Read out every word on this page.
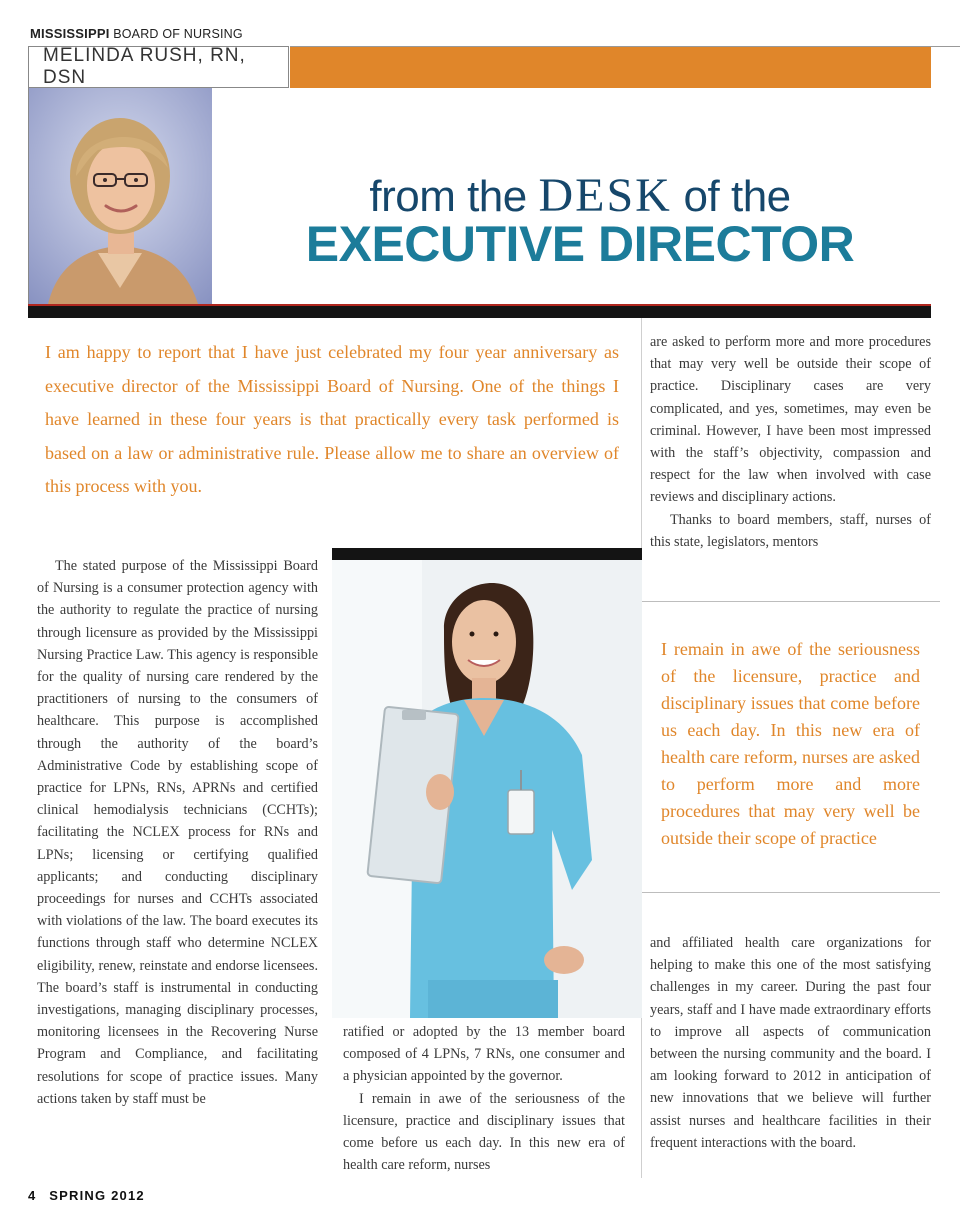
MISSISSIPPI BOARD OF NURSING
MELINDA RUSH, RN, DSN
from the DESK of the
EXECUTIVE DIRECTOR
I am happy to report that I have just celebrated my four year anniversary as executive director of the Mississippi Board of Nursing. One of the things I have learned in these four years is that practically every task performed is based on a law or administrative rule. Please allow me to share an overview of this process with you.
The stated purpose of the Mississippi Board of Nursing is a consumer protection agency with the authority to regulate the practice of nursing through licensure as provided by the Mississippi Nursing Practice Law. This agency is responsible for the quality of nursing care rendered by the practitioners of nursing to the consumers of healthcare. This purpose is accomplished through the authority of the board’s Administrative Code by establishing scope of practice for LPNs, RNs, APRNs and certified clinical hemodialysis technicians (CCHTs); facilitating the NCLEX process for RNs and LPNs; licensing or certifying qualified applicants; and conducting disciplinary proceedings for nurses and CCHTs associated with violations of the law. The board executes its functions through staff who determine NCLEX eligibility, renew, reinstate and endorse licensees. The board’s staff is instrumental in conducting investigations, managing disciplinary processes, monitoring licensees in the Recovering Nurse Program and Compliance, and facilitating resolutions for scope of practice issues. Many actions taken by staff must be

ratified or adopted by the 13 member board composed of 4 LPNs, 7 RNs, one consumer and a physician appointed by the governor.

I remain in awe of the seriousness of the licensure, practice and disciplinary issues that come before us each day. In this new era of health care reform, nurses

are asked to perform more and more procedures that may very well be outside their scope of practice. Disciplinary cases are very complicated, and yes, sometimes, may even be criminal. However, I have been most impressed with the staff’s objectivity, compassion and respect for the law when involved with case reviews and disciplinary actions.

Thanks to board members, staff, nurses of this state, legislators, mentors

I remain in awe of the seriousness of the licensure, practice and disciplinary issues that come before us each day. In this new era of health care reform, nurses are asked to perform more and more procedures that may very well be outside their scope of practice
and affiliated health care organizations for helping to make this one of the most satisfying challenges in my career. During the past four years, staff and I have made extraordinary efforts to improve all aspects of communication between the nursing community and the board. I am looking forward to 2012 in anticipation of new innovations that we believe will further assist nurses and healthcare facilities in their frequent interactions with the board.
4 SPRING 2012
